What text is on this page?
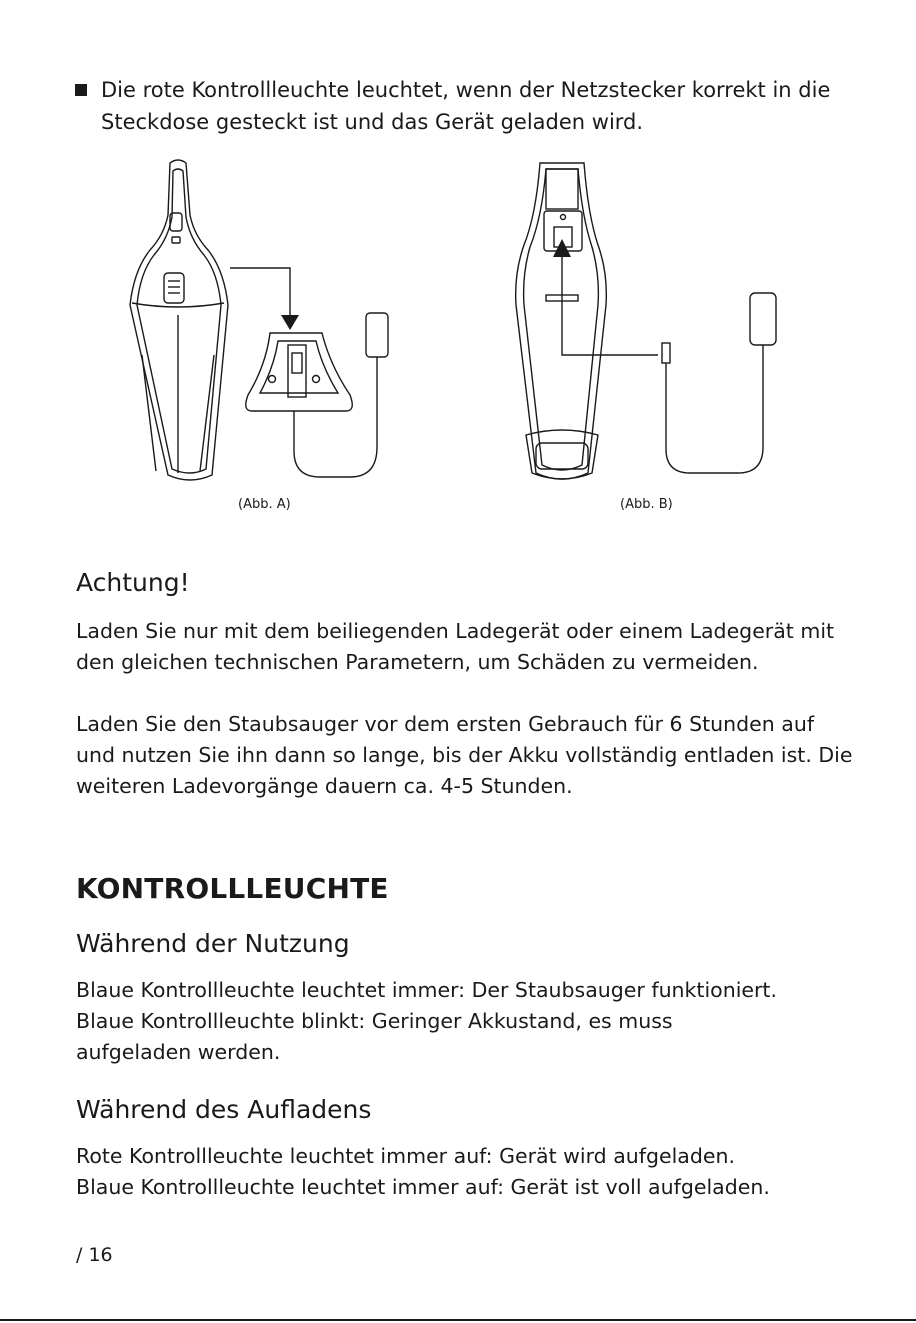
Die rote Kontrollleuchte leuchtet, wenn der Netzstecker korrekt in die Steckdose gesteckt ist und das Gerät geladen wird.

(Abb. A)	(Abb. B)
Achtung!

Laden Sie nur mit dem beiliegenden Ladegerät oder einem Ladegerät mit den gleichen technischen Parametern, um Schäden zu vermeiden.

Laden Sie den Staubsauger vor dem ersten Gebrauch für 6 Stunden auf und nutzen Sie ihn dann so lange, bis der Akku vollständig entladen ist. Die weiteren Ladevorgänge dauern ca. 4-5 Stunden.

KONTROLLLEUCHTE
Während der Nutzung

Blaue Kontrollleuchte leuchtet immer: Der Staubsauger funktioniert.

Blaue Kontrollleuchte blinkt: Geringer Akkustand, es muss aufgeladen werden.

Während des Aufladens

Rote Kontrollleuchte leuchtet immer auf: Gerät wird aufgeladen.

Blaue Kontrollleuchte leuchtet immer auf: Gerät ist voll aufgeladen.

/ 16
